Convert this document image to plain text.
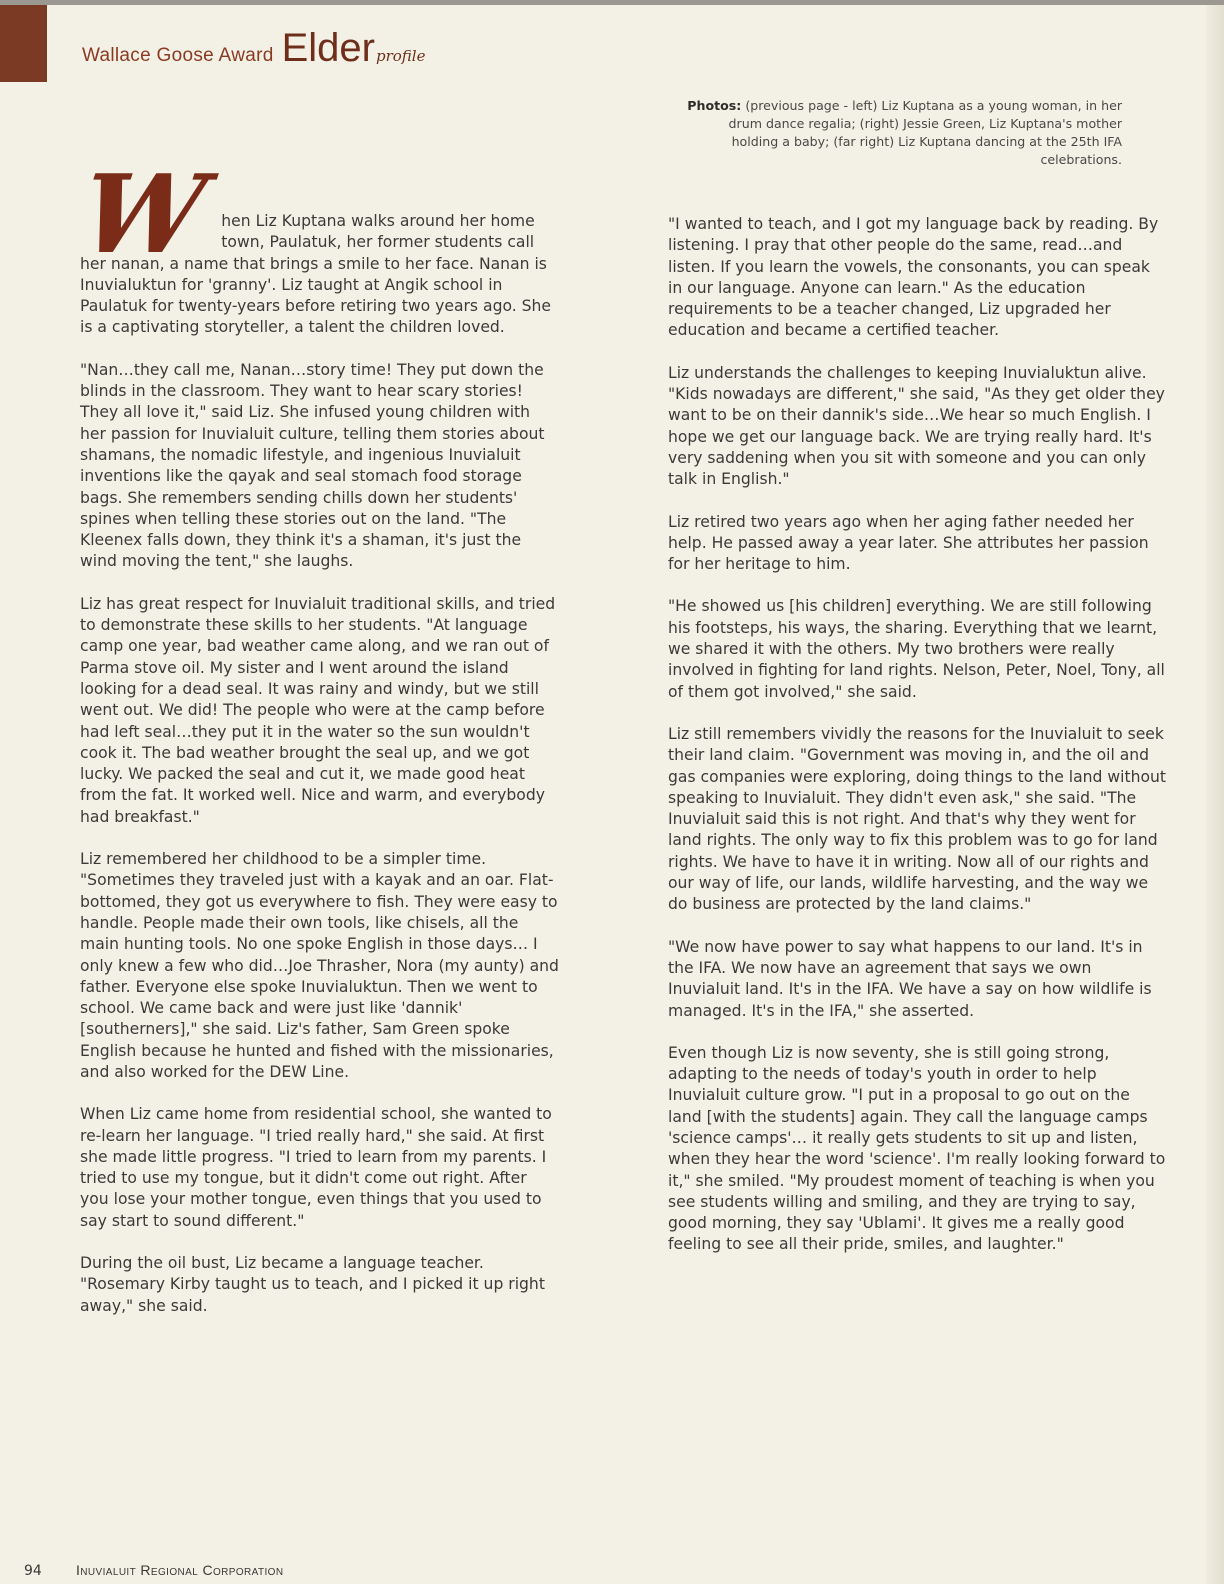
Wallace Goose Award Elder profile
Photos: (previous page - left) Liz Kuptana as a young woman, in her drum dance regalia; (right) Jessie Green, Liz Kuptana's mother holding a baby; (far right) Liz Kuptana dancing at the 25th IFA celebrations.

When Liz Kuptana walks around her home town, Paulatuk, her former students call her nanan, a name that brings a smile to her face. Nanan is Inuvialuktun for 'granny'. Liz taught at Angik school in Paulatuk for twenty-years before retiring two years ago. She is a captivating storyteller, a talent the children loved.

"Nan…they call me, Nanan…story time! They put down the blinds in the classroom. They want to hear scary stories! They all love it," said Liz. She infused young children with her passion for Inuvialuit culture, telling them stories about shamans, the nomadic lifestyle, and ingenious Inuvialuit inventions like the qayak and seal stomach food storage bags. She remembers sending chills down her students' spines when telling these stories out on the land. "The Kleenex falls down, they think it's a shaman, it's just the wind moving the tent," she laughs.

Liz has great respect for Inuvialuit traditional skills, and tried to demonstrate these skills to her students. "At language camp one year, bad weather came along, and we ran out of Parma stove oil. My sister and I went around the island looking for a dead seal. It was rainy and windy, but we still went out. We did! The people who were at the camp before had left seal…they put it in the water so the sun wouldn't cook it. The bad weather brought the seal up, and we got lucky. We packed the seal and cut it, we made good heat from the fat. It worked well. Nice and warm, and everybody had breakfast."

Liz remembered her childhood to be a simpler time. "Sometimes they traveled just with a kayak and an oar. Flat-bottomed, they got us everywhere to fish. They were easy to handle. People made their own tools, like chisels, all the main hunting tools. No one spoke English in those days… I only knew a few who did…Joe Thrasher, Nora (my aunty) and father. Everyone else spoke Inuvialuktun. Then we went to school. We came back and were just like 'dannik' [southerners]," she said. Liz's father, Sam Green spoke English because he hunted and fished with the missionaries, and also worked for the DEW Line.

When Liz came home from residential school, she wanted to re-learn her language. "I tried really hard," she said. At first she made little progress. "I tried to learn from my parents. I tried to use my tongue, but it didn't come out right. After you lose your mother tongue, even things that you used to say start to sound different."

During the oil bust, Liz became a language teacher. "Rosemary Kirby taught us to teach, and I picked it up right away," she said.

"I wanted to teach, and I got my language back by reading. By listening. I pray that other people do the same, read…and listen. If you learn the vowels, the consonants, you can speak in our language. Anyone can learn." As the education requirements to be a teacher changed, Liz upgraded her education and became a certified teacher.

Liz understands the challenges to keeping Inuvialuktun alive. "Kids nowadays are different," she said, "As they get older they want to be on their dannik's side…We hear so much English. I hope we get our language back. We are trying really hard. It's very saddening when you sit with someone and you can only talk in English."

Liz retired two years ago when her aging father needed her help. He passed away a year later. She attributes her passion for her heritage to him.

"He showed us [his children] everything. We are still following his footsteps, his ways, the sharing. Everything that we learnt, we shared it with the others. My two brothers were really involved in fighting for land rights. Nelson, Peter, Noel, Tony, all of them got involved," she said.

Liz still remembers vividly the reasons for the Inuvialuit to seek their land claim. "Government was moving in, and the oil and gas companies were exploring, doing things to the land without speaking to Inuvialuit. They didn't even ask," she said. "The Inuvialuit said this is not right. And that's why they went for land rights. The only way to fix this problem was to go for land rights. We have to have it in writing. Now all of our rights and our way of life, our lands, wildlife harvesting, and the way we do business are protected by the land claims."

"We now have power to say what happens to our land. It's in the IFA. We now have an agreement that says we own Inuvialuit land. It's in the IFA. We have a say on how wildlife is managed. It's in the IFA," she asserted.

Even though Liz is now seventy, she is still going strong, adapting to the needs of today's youth in order to help Inuvialuit culture grow. "I put in a proposal to go out on the land [with the students] again. They call the language camps 'science camps'… it really gets students to sit up and listen, when they hear the word 'science'. I'm really looking forward to it," she smiled. "My proudest moment of teaching is when you see students willing and smiling, and they are trying to say, good morning, they say 'Ublami'. It gives me a really good feeling to see all their pride, smiles, and laughter."

94	Inuvialuit Regional Corporation
